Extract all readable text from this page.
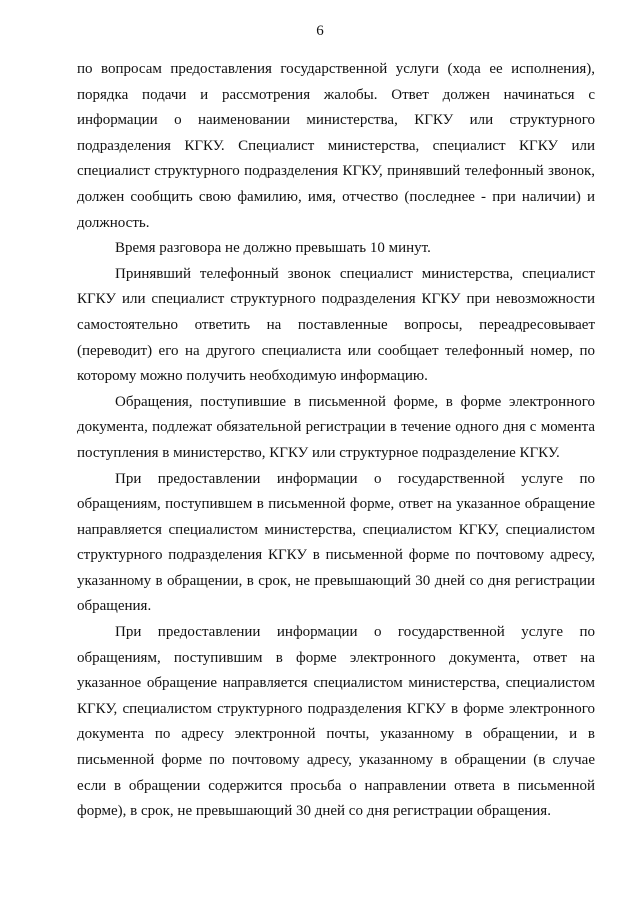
6

по вопросам предоставления государственной услуги (хода ее исполнения), порядка подачи и рассмотрения жалобы. Ответ должен начинаться с информации о наименовании министерства, КГКУ или структурного подразделения КГКУ. Специалист министерства, специалист КГКУ или специалист структурного подразделения КГКУ, принявший телефонный звонок, должен сообщить свою фамилию, имя, отчество (последнее - при наличии) и должность.

Время разговора не должно превышать 10 минут.

Принявший телефонный звонок специалист министерства, специалист КГКУ или специалист структурного подразделения КГКУ при невозможности самостоятельно ответить на поставленные вопросы, переадресовывает (переводит) его на другого специалиста или сообщает телефонный номер, по которому можно получить необходимую информацию.

Обращения, поступившие в письменной форме, в форме электронного документа, подлежат обязательной регистрации в течение одного дня с момента поступления в министерство, КГКУ или структурное подразделение КГКУ.

При предоставлении информации о государственной услуге по обращениям, поступившем в письменной форме, ответ на указанное обращение направляется специалистом министерства, специалистом КГКУ, специалистом структурного подразделения КГКУ в письменной форме по почтовому адресу, указанному в обращении, в срок, не превышающий 30 дней со дня регистрации обращения.

При предоставлении информации о государственной услуге по обращениям, поступившим в форме электронного документа, ответ на указанное обращение направляется специалистом министерства, специалистом КГКУ, специалистом структурного подразделения КГКУ в форме электронного документа по адресу электронной почты, указанному в обращении, и в письменной форме по почтовому адресу, указанному в обращении (в случае если в обращении содержится просьба о направлении ответа в письменной форме), в срок, не превышающий 30 дней со дня регистрации обращения.
